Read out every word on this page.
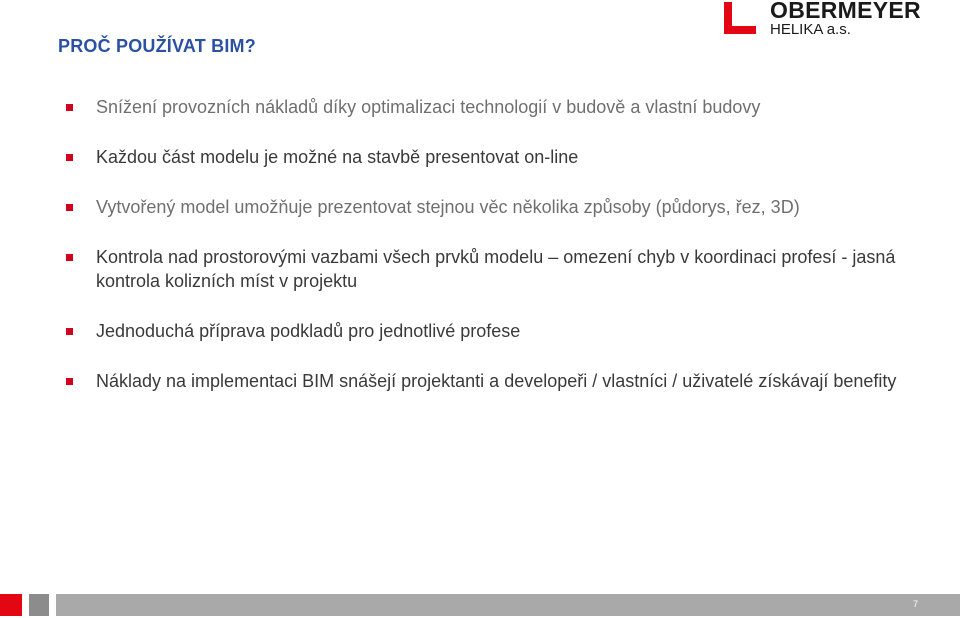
PROČ POUŽÍVAT BIM?
OBERMEYER
HELIKA a.s.
Snížení provozních nákladů díky optimalizaci technologií v budově a vlastní budovy
Každou část modelu je možné na stavbě presentovat on-line
Vytvořený model umožňuje prezentovat stejnou věc několika způsoby (půdorys, řez, 3D)
Kontrola nad prostorovými vazbami všech prvků modelu – omezení chyb v koordinaci profesí - jasná kontrola kolizních míst v projektu
Jednoduchá příprava podkladů pro jednotlivé profese
Náklady na implementaci BIM snášejí projektanti a developeři / vlastníci / uživatelé získávají benefity
7
